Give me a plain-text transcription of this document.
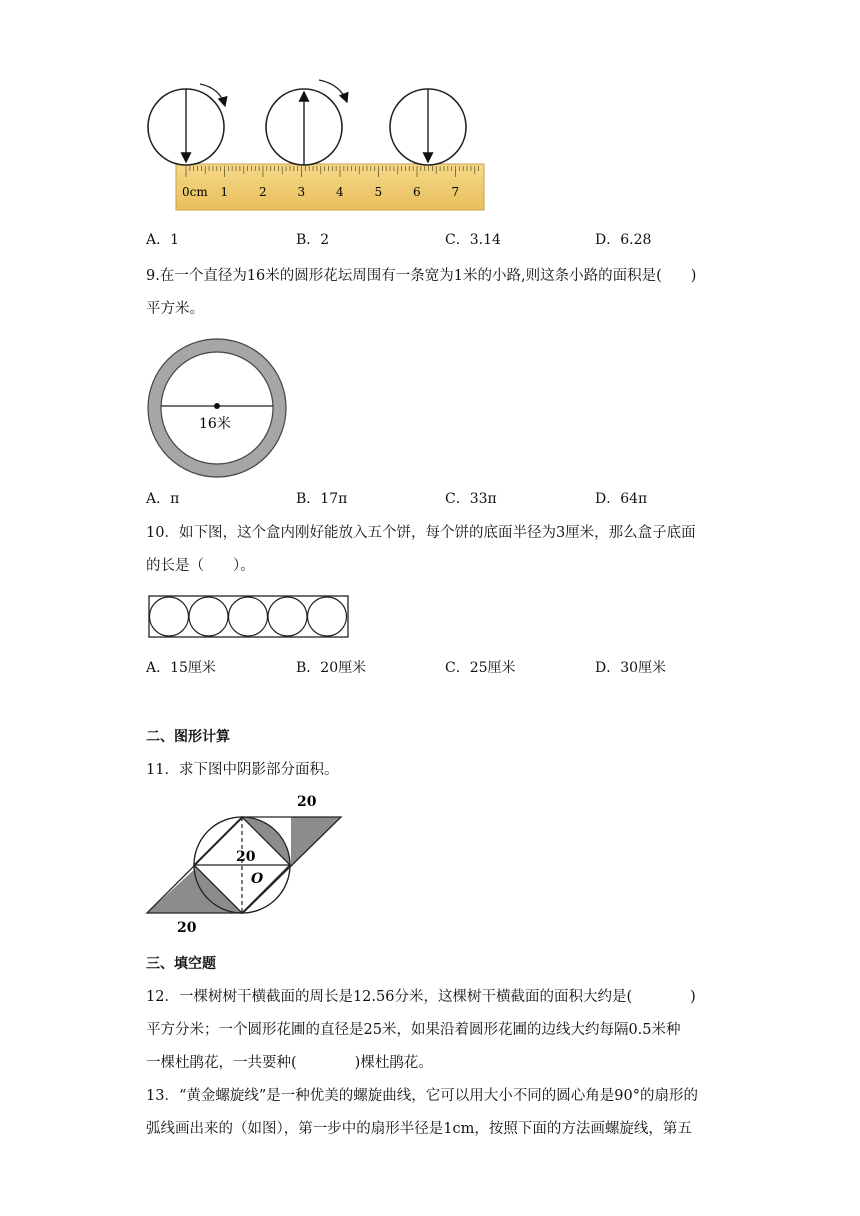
0cm 1	2	3	4	5	6	7
A．1	B．2	C．3.14	D．6.28
9.在一个直径为16米的圆形花坛周围有一条宽为1米的小路,则这条小路的面积是(　　)
平方米。
16米
A．π	B．17π	C．33π	D．64π
10．如下图，这个盒内刚好能放入五个饼，每个饼的底面半径为3厘米，那么盒子底面
的长是（　　）。
A．15厘米	B．20厘米	C．25厘米	D．30厘米
二、图形计算
11．求下图中阴影部分面积。
20
20
O
20
三、填空题
12．一棵树树干横截面的周长是12.56分米，这棵树干横截面的面积大约是(　　　　)
平方分米；一个圆形花圃的直径是25米，如果沿着圆形花圃的边线大约每隔0.5米种
一棵杜鹃花，一共要种(　　　　)棵杜鹃花。
13．“黄金螺旋线”是一种优美的螺旋曲线，它可以用大小不同的圆心角是90°的扇形的
弧线画出来的（如图），第一步中的扇形半径是1cm，按照下面的方法画螺旋线，第五
